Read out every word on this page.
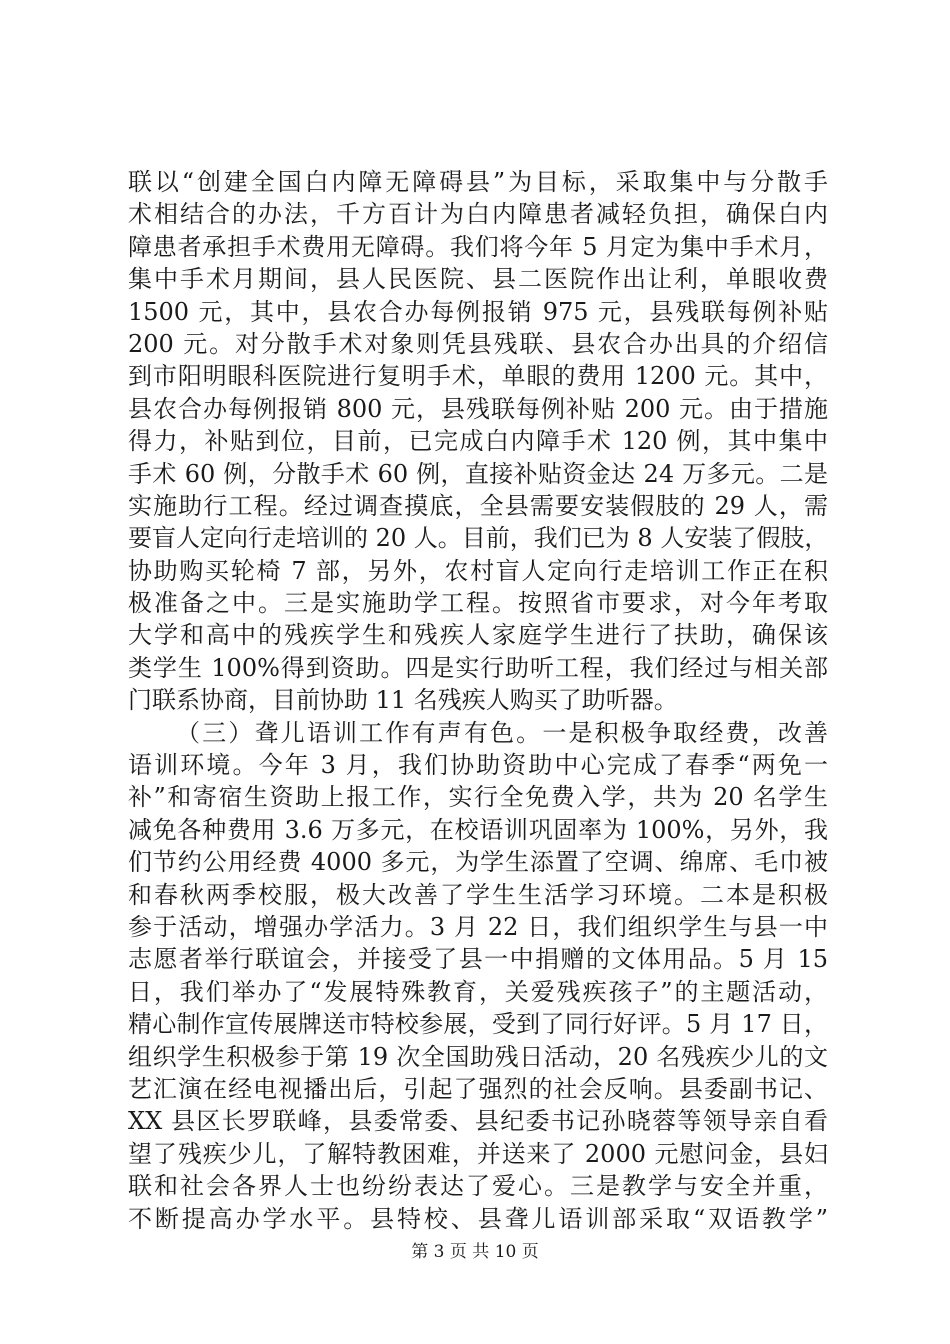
联以“创建全国白内障无障碍县”为目标，采取集中与分散手
术相结合的办法，千方百计为白内障患者减轻负担，确保白内
障患者承担手术费用无障碍。我们将今年 5 月定为集中手术月，
集中手术月期间，县人民医院、县二医院作出让利，单眼收费
1500 元，其中，县农合办每例报销 975 元，县残联每例补贴
200 元。对分散手术对象则凭县残联、县农合办出具的介绍信
到市阳明眼科医院进行复明手术，单眼的费用 1200 元。其中，
县农合办每例报销 800 元，县残联每例补贴 200 元。由于措施
得力，补贴到位，目前，已完成白内障手术 120 例，其中集中
手术 60 例，分散手术 60 例，直接补贴资金达 24 万多元。二是
实施助行工程。经过调查摸底，全县需要安装假肢的 29 人，需
要盲人定向行走培训的 20 人。目前，我们已为 8 人安装了假肢，
协助购买轮椅 7 部，另外，农村盲人定向行走培训工作正在积
极准备之中。三是实施助学工程。按照省市要求，对今年考取
大学和高中的残疾学生和残疾人家庭学生进行了扶助，确保该
类学生 100%得到资助。四是实行助听工程，我们经过与相关部
门联系协商，目前协助 11 名残疾人购买了助听器。
（三）聋儿语训工作有声有色。一是积极争取经费，改善
语训环境。今年 3 月，我们协助资助中心完成了春季“两免一
补”和寄宿生资助上报工作，实行全免费入学，共为 20 名学生
减免各种费用 3.6 万多元，在校语训巩固率为 100%，另外，我
们节约公用经费 4000 多元，为学生添置了空调、绵席、毛巾被
和春秋两季校服，极大改善了学生生活学习环境。二本是积极
参于活动，增强办学活力。3 月 22 日，我们组织学生与县一中
志愿者举行联谊会，并接受了县一中捐赠的文体用品。5 月 15
日，我们举办了“发展特殊教育，关爱残疾孩子”的主题活动，
精心制作宣传展牌送市特校参展，受到了同行好评。5 月 17 日，
组织学生积极参于第 19 次全国助残日活动，20 名残疾少儿的文
艺汇演在经电视播出后，引起了强烈的社会反响。县委副书记、
XX 县区长罗联峰，县委常委、县纪委书记孙晓蓉等领导亲自看
望了残疾少儿，了解特教困难，并送来了 2000 元慰问金，县妇
联和社会各界人士也纷纷表达了爱心。三是教学与安全并重，
不断提高办学水平。县特校、县聋儿语训部采取“双语教学”
第 3 页 共 10 页
